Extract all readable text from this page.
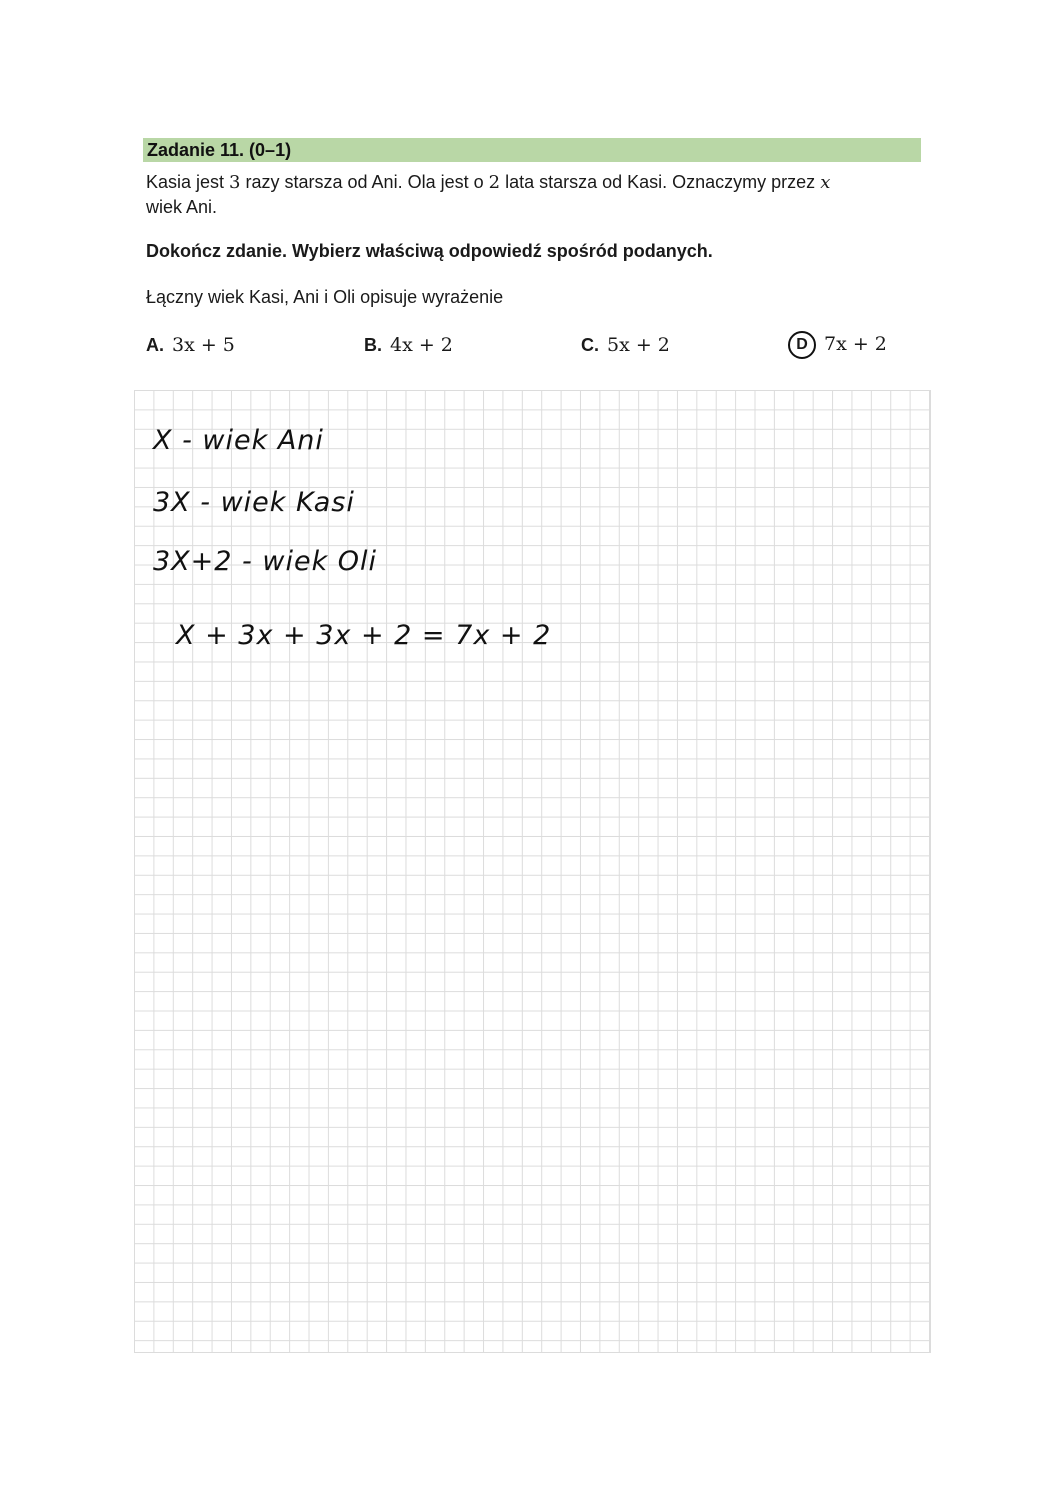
Zadanie 11. (0–1)
Kasia jest 3 razy starsza od Ani. Ola jest o 2 lata starsza od Kasi. Oznaczymy przez x
wiek Ani.
Dokończ zdanie. Wybierz właściwą odpowiedź spośród podanych.
Łączny wiek Kasi, Ani i Oli opisuje wyrażenie
A. 3x + 5	B. 4x + 2	C. 5x + 2	D 7x + 2
X - wiek Ani
3X - wiek Kasi
3X+2 - wiek Oli
X + 3x + 3x + 2 = 7x + 2
